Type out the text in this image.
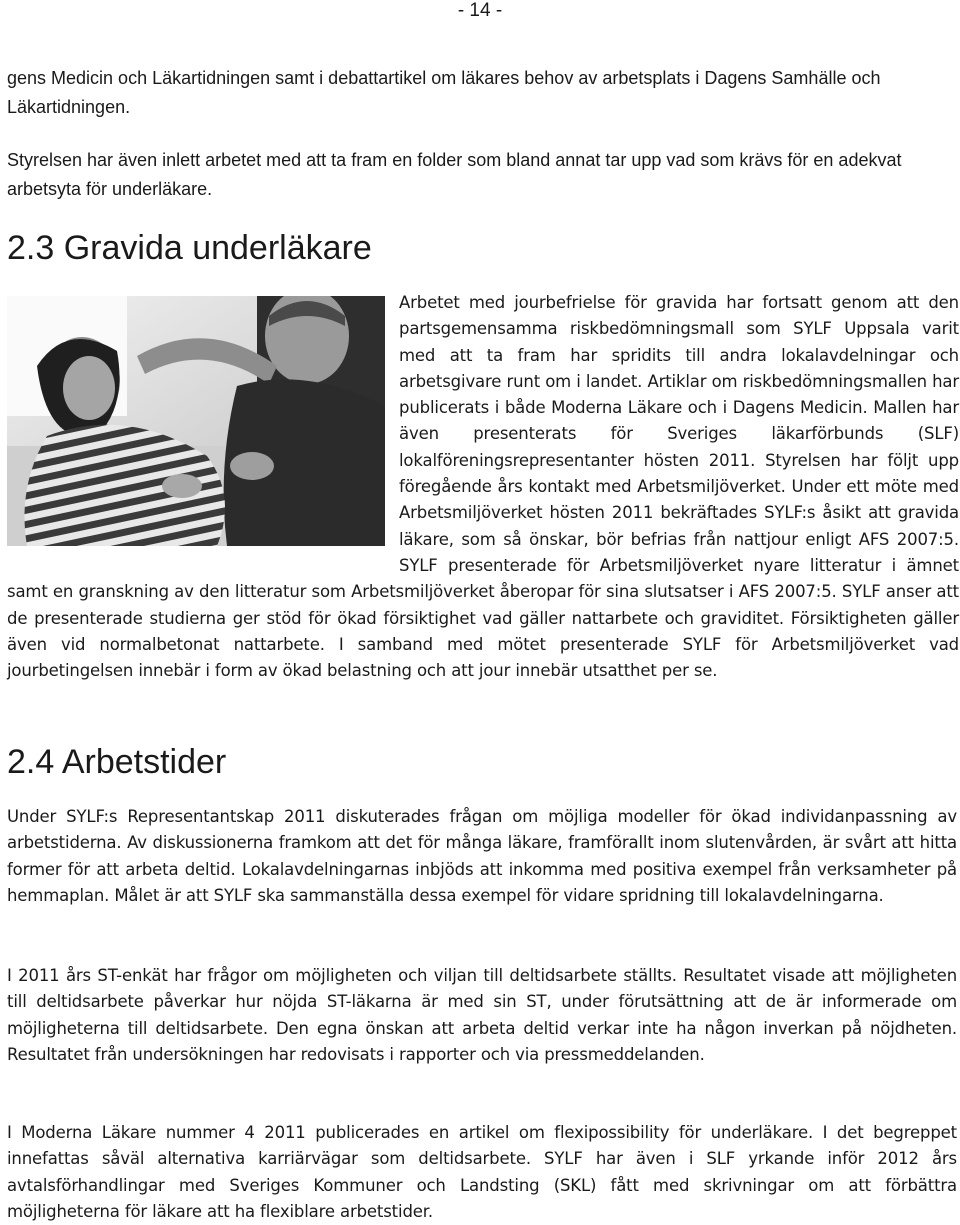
- 14 -

gens Medicin och Läkartidningen samt i debattartikel om läkares behov av arbetsplats i Dagens Samhälle och Läkartidningen.

Styrelsen har även inlett arbetet med att ta fram en folder som bland annat tar upp vad som krävs för en adekvat arbetsyta för underläkare.

2.3 Gravida underläkare
Arbetet med jourbefrielse för gravida har fortsatt genom att den partsgemensamma riskbedömningsmall som SYLF Uppsala varit med att ta fram har spridits till andra lokalavdelningar och arbetsgivare runt om i landet. Artiklar om riskbedömningsmallen har publicerats i både Moderna Läkare och i Dagens Medicin. Mallen har även presenterats för Sveriges läkarförbunds (SLF) lokalföreningsrepresentanter hösten 2011. Styrelsen har följt upp föregående års kontakt med Arbetsmiljöverket. Under ett möte med Arbetsmiljöverket hösten 2011 bekräftades SYLF:s åsikt att gravida läkare, som så önskar, bör befrias från nattjour enligt AFS 2007:5. SYLF presenterade för Arbetsmiljöverket nyare litteratur i ämnet samt en granskning av den litteratur som Arbetsmiljöverket åberopar för sina slutsatser i AFS 2007:5. SYLF anser att de presenterade studierna ger stöd för ökad försiktighet vad gäller nattarbete och graviditet. Försiktigheten gäller även vid normalbetonat nattarbete. I samband med mötet presenterade SYLF för Arbetsmiljöverket vad jourbetingelsen innebär i form av ökad belastning och att jour innebär utsatthet per se.
2.4 Arbetstider

Under SYLF:s Representantskap 2011 diskuterades frågan om möjliga modeller för ökad individanpassning av arbetstiderna. Av diskussionerna framkom att det för många läkare, framförallt inom slutenvården, är svårt att hitta former för att arbeta deltid. Lokalavdelningarnas inbjöds att inkomma med positiva exempel från verksamheter på hemmaplan. Målet är att SYLF ska sammanställa dessa exempel för vidare spridning till lokalavdelningarna.

I 2011 års ST-enkät har frågor om möjligheten och viljan till deltidsarbete ställts. Resultatet visade att möjligheten till deltidsarbete påverkar hur nöjda ST-läkarna är med sin ST, under förutsättning att de är informerade om möjligheterna till deltidsarbete. Den egna önskan att arbeta deltid verkar inte ha någon inverkan på nöjdheten. Resultatet från undersökningen har redovisats i rapporter och via pressmeddelanden.

I Moderna Läkare nummer 4 2011 publicerades en artikel om flexipossibility för underläkare. I det begreppet innefattas såväl alternativa karriärvägar som deltidsarbete. SYLF har även i SLF yrkande inför 2012 års avtalsförhandlingar med Sveriges Kommuner och Landsting (SKL) fått med skrivningar om att förbättra möjligheterna för läkare att ha flexiblare arbetstider.
